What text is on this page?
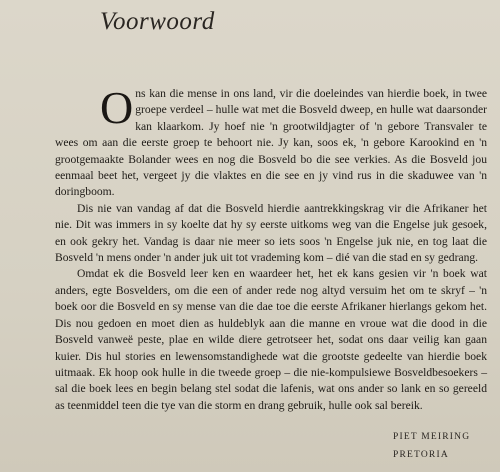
Voorwoord

Ons kan die mense in ons land, vir die doeleindes van hierdie boek, in twee groepe verdeel – hulle wat met die Bosveld dweep, en hulle wat daarsonder kan klaarkom. Jy hoef nie 'n grootwildjagter of 'n gebore Transvaler te wees om aan die eerste groep te behoort nie. Jy kan, soos ek, 'n gebore Karookind en 'n grootgemaakte Bolander wees en nog die Bosveld bo die see verkies. As die Bosveld jou eenmaal beet het, vergeet jy die vlaktes en die see en jy vind rus in die skaduwee van 'n doringboom.

Dis nie van vandag af dat die Bosveld hierdie aantrekkingskrag vir die Afrikaner het nie. Dit was immers in sy koelte dat hy sy eerste uitkoms weg van die Engelse juk gesoek, en ook gekry het. Vandag is daar nie meer so iets soos 'n Engelse juk nie, en tog laat die Bosveld 'n mens onder 'n ander juk uit tot vrademing kom – dié van die stad en sy gedrang.

Omdat ek die Bosveld leer ken en waardeer het, het ek kans gesien vir 'n boek wat anders, egte Bosvelders, om die een of ander rede nog altyd versuim het om te skryf – 'n boek oor die Bosveld en sy mense van die dae toe die eerste Afrikaner hierlangs gekom het. Dis nou gedoen en moet dien as huldeblyk aan die manne en vroue wat die dood in die Bosveld vanweë peste, plae en wilde diere getrotseer het, sodat ons daar veilig kan gaan kuier. Dis hul stories en lewensomstandighede wat die grootste gedeelte van hierdie boek uitmaak. Ek hoop ook hulle in die tweede groep – die nie-kompulsiewe Bosveldbesoekers – sal die boek lees en begin belang stel sodat die lafenis, wat ons ander so lank en so gereeld as teenmiddel teen die tye van die storm en drang gebruik, hulle ook sal bereik.

PIET MEIRING
PRETORIA
